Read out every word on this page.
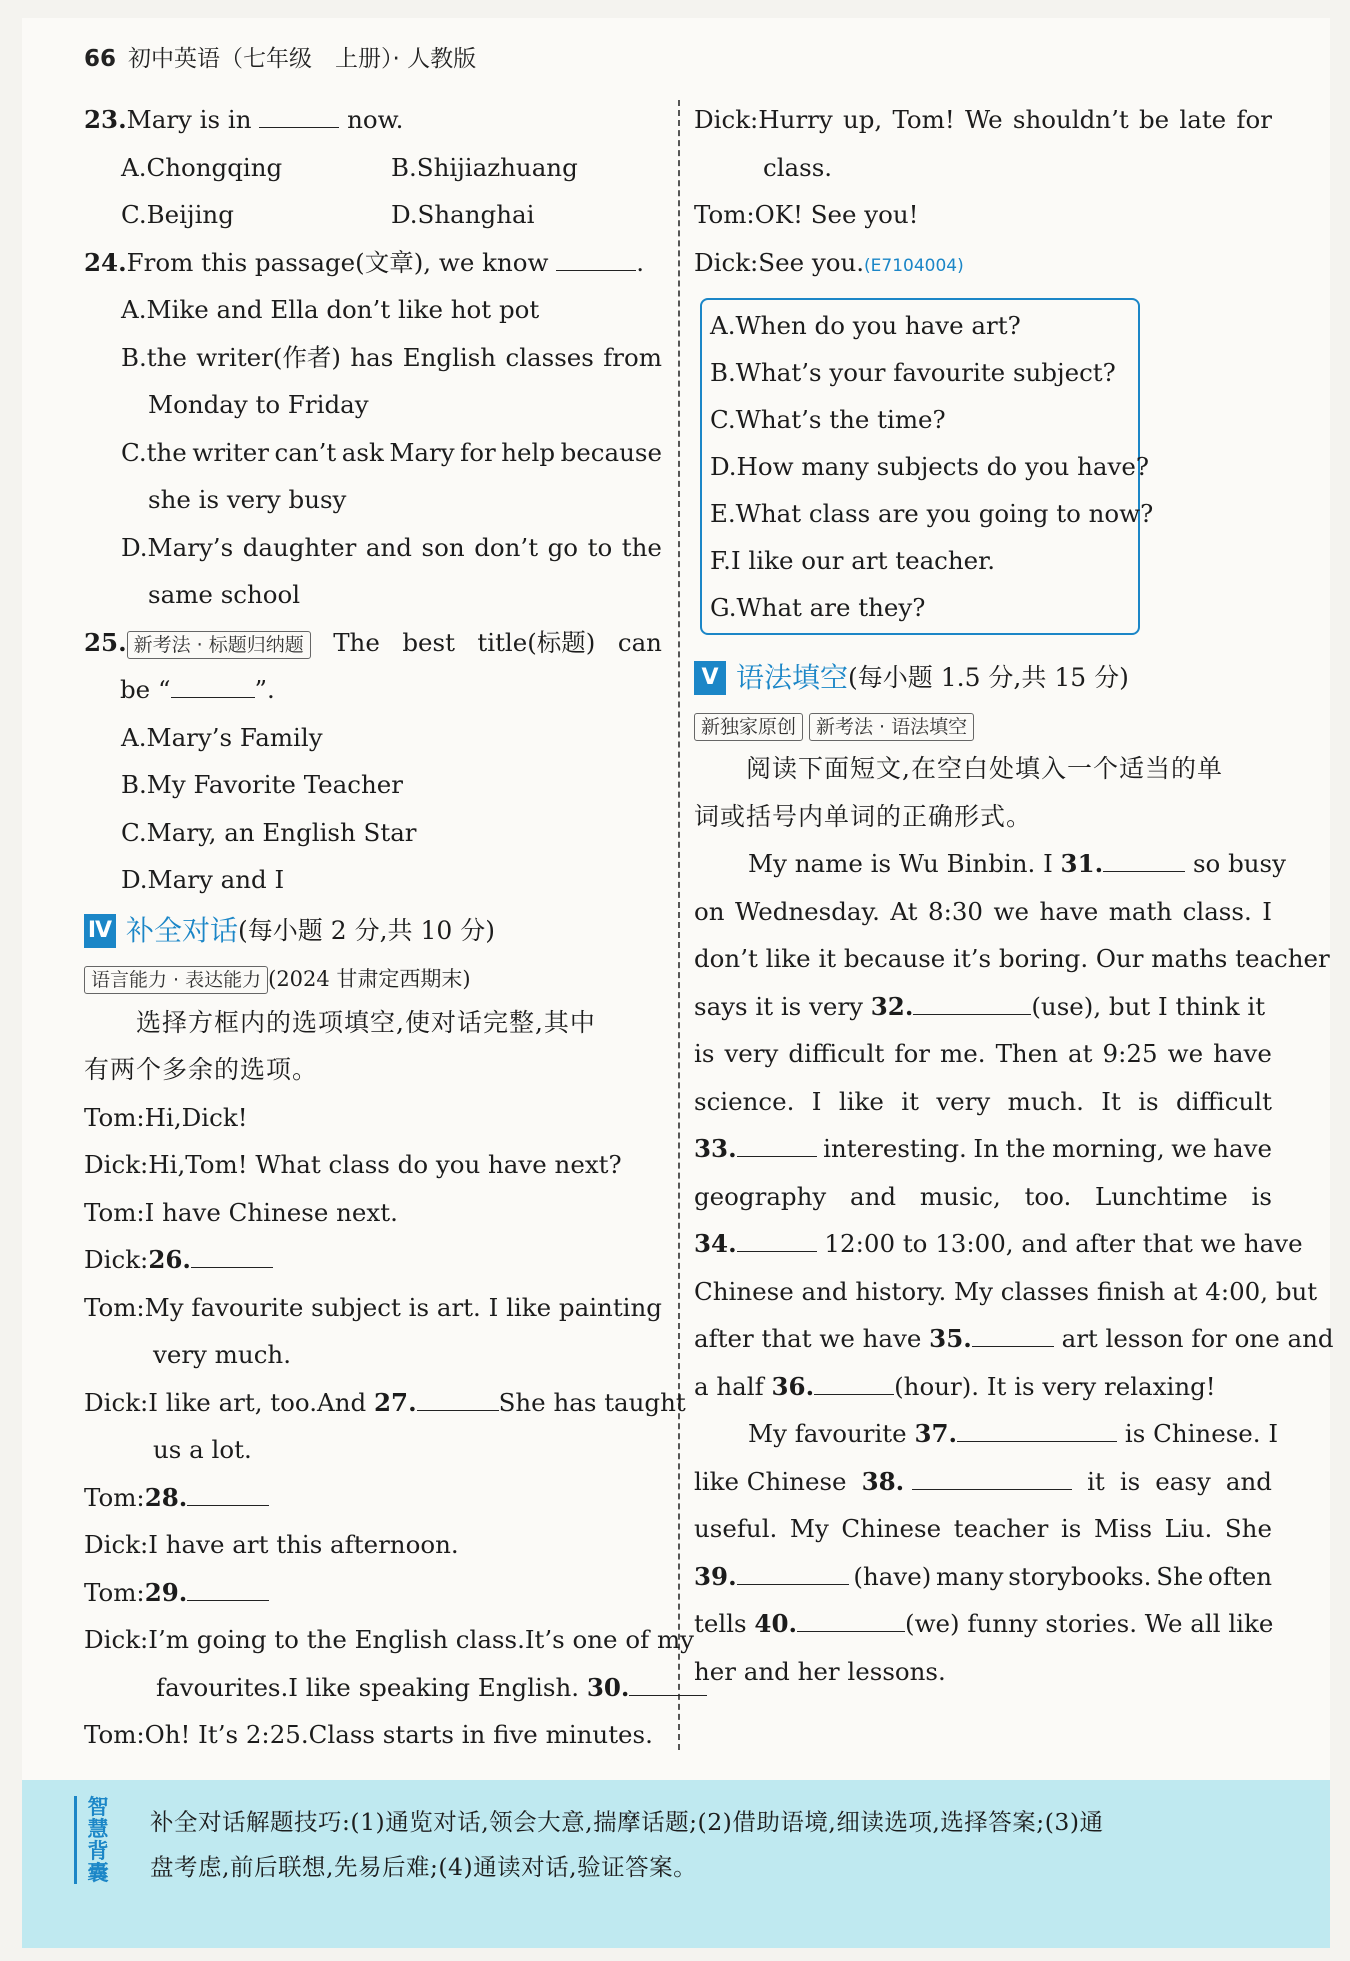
66 初中英语（七年级　上册）· 人教版
23.Mary is in	now.
A.Chongqing	B.Shijiazhuang
C.Beijing	D.Shanghai
24.From this passage(文章), we know	.
A.Mike and Ella don’t like hot pot
B.the writer(作者) has English classes from
Monday to Friday
C.the writer can’t ask Mary for help because
she is very busy
D.Mary’s daughter and son don’t go to the
same school
25. 新考法 · 标题归纳题 The best title(标题) can
be “	”.
A.Mary’s Family
B.My Favorite Teacher
C.Mary, an English Star
D.Mary and I
Ⅳ 补全对话 (每小题 2 分,共 10 分)
语言能力 · 表达能力 (2024 甘肃定西期末)
选择方框内的选项填空,使对话完整,其中
有两个多余的选项。
Tom:Hi,Dick!
Dick:Hi,Tom! What class do you have next?
Tom:I have Chinese next.
Dick:26.
Tom:My favourite subject is art. I like painting
very much.
Dick:I like art, too.And 27.	She has taught
us a lot.
Tom:28.
Dick:I have art this afternoon.
Tom:29.
Dick:I’m going to the English class.It’s one of my
favourites.I like speaking English. 30.
Tom:Oh! It’s 2:25.Class starts in five minutes.
Dick:Hurry up, Tom! We shouldn’t be late for
class.
Tom:OK! See you!
Dick:See you.(E7104004)
A.When do you have art?
B.What’s your favourite subject?
C.What’s the time?
D.How many subjects do you have?
E.What class are you going to now?
F.I like our art teacher.
G.What are they?
Ⅴ 语法填空 (每小题 1.5 分,共 15 分)
新独家原创 新考法 · 语法填空
阅读下面短文,在空白处填入一个适当的单
词或括号内单词的正确形式。
My name is Wu Binbin. I 31.	so busy
on Wednesday. At 8:30 we have math class. I
don’t like it because it’s boring. Our maths teacher
says it is very 32.	(use), but I think it
is very difficult for me. Then at 9:25 we have
science. I like it very much. It is difficult
33.	interesting. In the morning, we have
geography and music, too. Lunchtime is
34.	12:00 to 13:00, and after that we have
Chinese and history. My classes finish at 4:00, but
after that we have 35.	art lesson for one and
a half 36.	(hour). It is very relaxing!
My favourite 37.	is Chinese. I
like Chinese 38.	it is easy and
useful. My Chinese teacher is Miss Liu. She
39.	(have) many storybooks. She often
tells 40.	(we) funny stories. We all like
her and her lessons.
智慧背囊
补全对话解题技巧:(1)通览对话,领会大意,揣摩话题;(2)借助语境,细读选项,选择答案;(3)通
盘考虑,前后联想,先易后难;(4)通读对话,验证答案。
